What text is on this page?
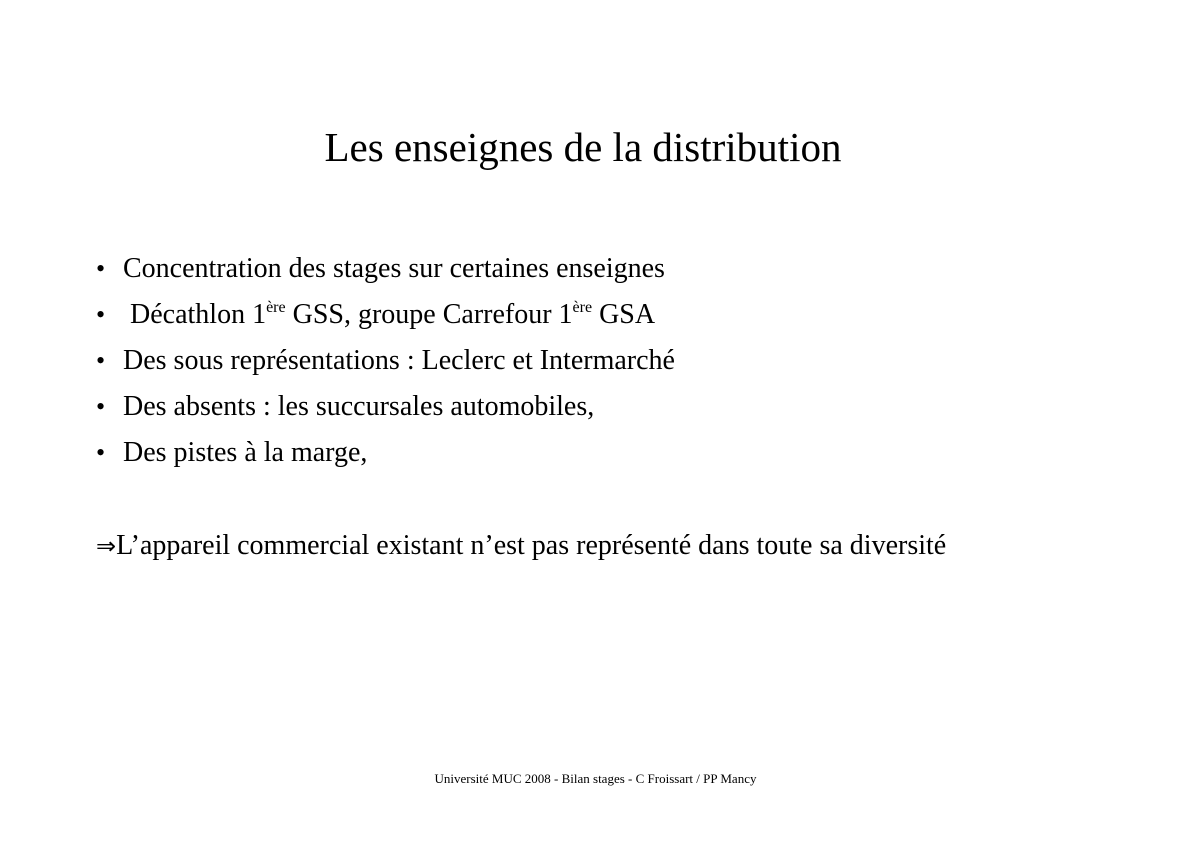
Les enseignes de la distribution
• Concentration des stages sur certaines enseignes
• Décathlon 1ère GSS, groupe Carrefour 1ère GSA
• Des sous représentations : Leclerc et Intermarché
• Des absents : les succursales automobiles,
• Des pistes à la marge,
⇒L’appareil commercial existant n’est pas représenté dans toute sa diversité
Université MUC 2008 - Bilan stages - C Froissart / PP Mancy
